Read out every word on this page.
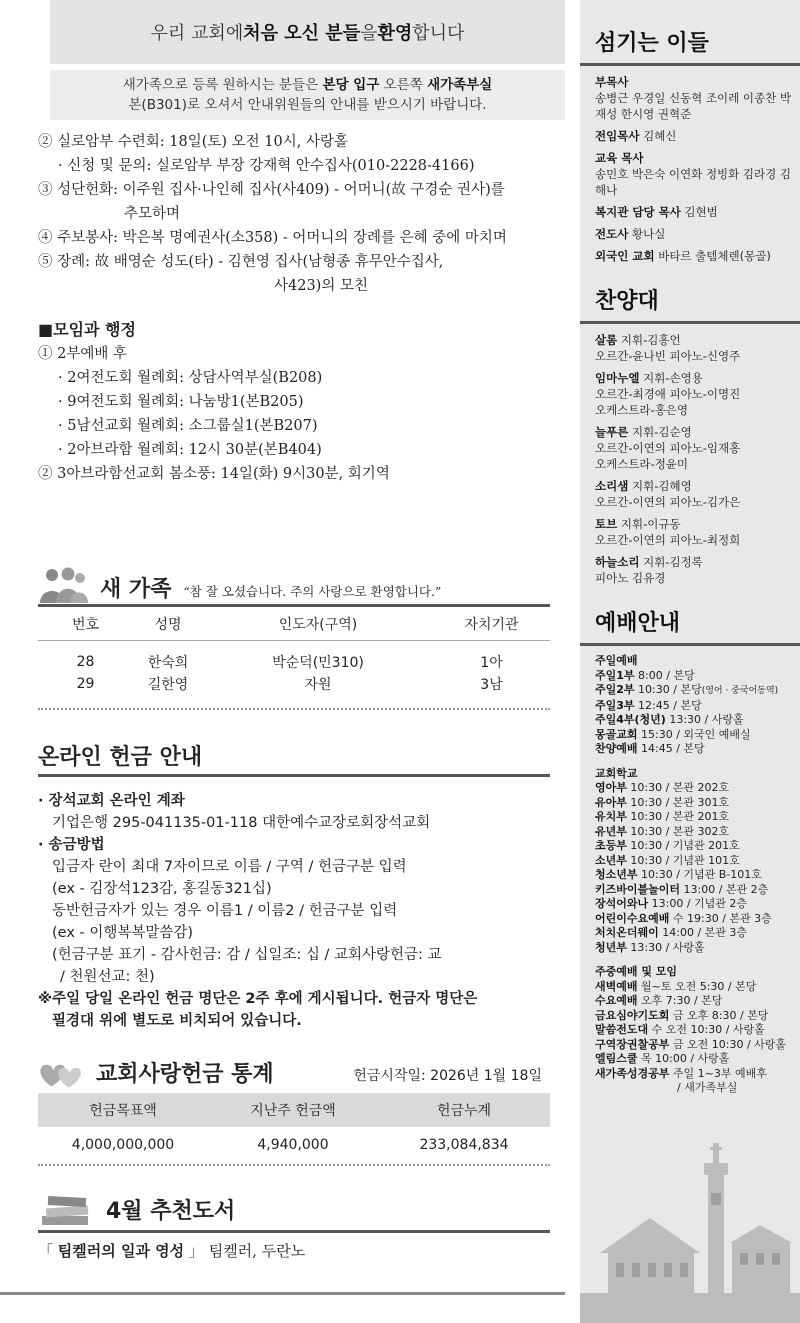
우리 교회에 처음 오신 분들 을 환영 합니다
새가족으로 등록 원하시는 분들은 본당 입구 오른쪽 새가족부실
본(B301)로 오셔서 안내위원들의 안내를 받으시기 바랍니다.
② 실로암부 수련회: 18일(토) 오전 10시, 사랑홀
· 신청 및 문의: 실로암부 부장 강재혁 안수집사(010-2228-4166)
③ 성단헌화: 이주원 집사·나인혜 집사(사409) - 어머니(故 구경순 권사)를
추모하며
④ 주보봉사: 박은복 명예권사(소358) - 어머니의 장례를 은혜 중에 마치며
⑤ 장례: 故 배영순 성도(타) - 김현영 집사(남형종 휴무안수집사,
사423)의 모친
■모임과 행정
① 2부예배 후
· 2여전도회 월례회: 상담사역부실(B208)
· 9여전도회 월례회: 나눔방1(본B205)
· 5남선교회 월례회: 소그룹실1(본B207)
· 2아브라함 월례회: 12시 30분(본B404)
② 3아브라함선교회 봄소풍: 14일(화) 9시30분, 회기역
새 가족 “참 잘 오셨습니다. 주의 사랑으로 환영합니다.”
번호	성명	인도자(구역)	자치기관
28	한숙희	박순덕(민310)	1아
29	길한영	자원	3남
온라인 헌금 안내
· 장석교회 온라인 계좌
기업은행 295-041135-01-118 대한예수교장로회장석교회
· 송금방법
입금자 란이 최대 7자이므로 이름 / 구역 / 헌금구분 입력
(ex - 김장석123감, 홍길동321십)
동반헌금자가 있는 경우 이름1 / 이름2 / 헌금구분 입력
(ex - 이행복복말씀감)
(헌금구분 표기 - 감사헌금: 감 / 십일조: 십 / 교회사랑헌금: 교
/ 천원선교: 천)
※주일 당일 온라인 헌금 명단은 2주 후에 게시됩니다. 헌금자 명단은
필경대 위에 별도로 비치되어 있습니다.
교회사랑헌금 통계	헌금시작일: 2026년 1월 18일
헌금목표액	지난주 헌금액	헌금누계
4,000,000,000	4,940,000	233,084,834
4월 추천도서
「 팀켈러의 일과 영성 」 팀켈러, 두란노
섬기는 이들
부목사
송병근 우경일 신동혁 조이레 이종찬 박재성 한시영 권혁준
전임목사 김혜신
교육 목사
송민호 박은숙 이연화 정빙화 김라경 김해나
복지관 담당 목사 김현범
전도사 황나실
외국인 교회 바타르 출템체렌(몽골)
찬양대
살롬 지휘-김홍언
오르간-윤나빈 피아노-신영주
임마누엘 지휘-손영용
오르간-최경애 피아노-이명진
오케스트라-홍은영
늘푸른 지휘-김순영
오르간-이연의 피아노-임재홍
오케스트라-정윤미
소리샘 지휘-김혜영
오르간-이연의 피아노-김가은
토브 지휘-이규동
오르간-이연의 피아노-최정희
하늘소리 지휘-김정록
피아노 김유경
예배안내
주일예배
주일1부 8:00 / 본당
주일2부 10:30 / 본당(영어 · 중국어동역)
주일3부 12:45 / 본당
주일4부(청년) 13:30 / 사랑홀
몽골교회 15:30 / 외국인 예배실
찬양예배 14:45 / 본당
교회학교
영아부 10:30 / 본관 202호
유아부 10:30 / 본관 301호
유치부 10:30 / 본관 201호
유년부 10:30 / 본관 302호
초등부 10:30 / 기념관 201호
소년부 10:30 / 기념관 101호
청소년부 10:30 / 기념관 B-101호
키즈바이블놀이터 13:00 / 본관 2층
장석어와나 13:00 / 기념관 2층
어린이수요예배 수 19:30 / 본관 3층
처치온더웨이 14:00 / 본관 3층
청년부 13:30 / 사랑홀
주중예배 및 모임
새벽예배 월~토 오전 5:30 / 본당
수요예배 오후 7:30 / 본당
금요심야기도회 금 오후 8:30 / 본당
말씀전도대 수 오전 10:30 / 사랑홀
구역장권찰공부 금 오전 10:30 / 사랑홀
엘림스쿨 목 10:00 / 사랑홀
새가족성경공부 주일 1~3부 예배후
/ 새가족부실
